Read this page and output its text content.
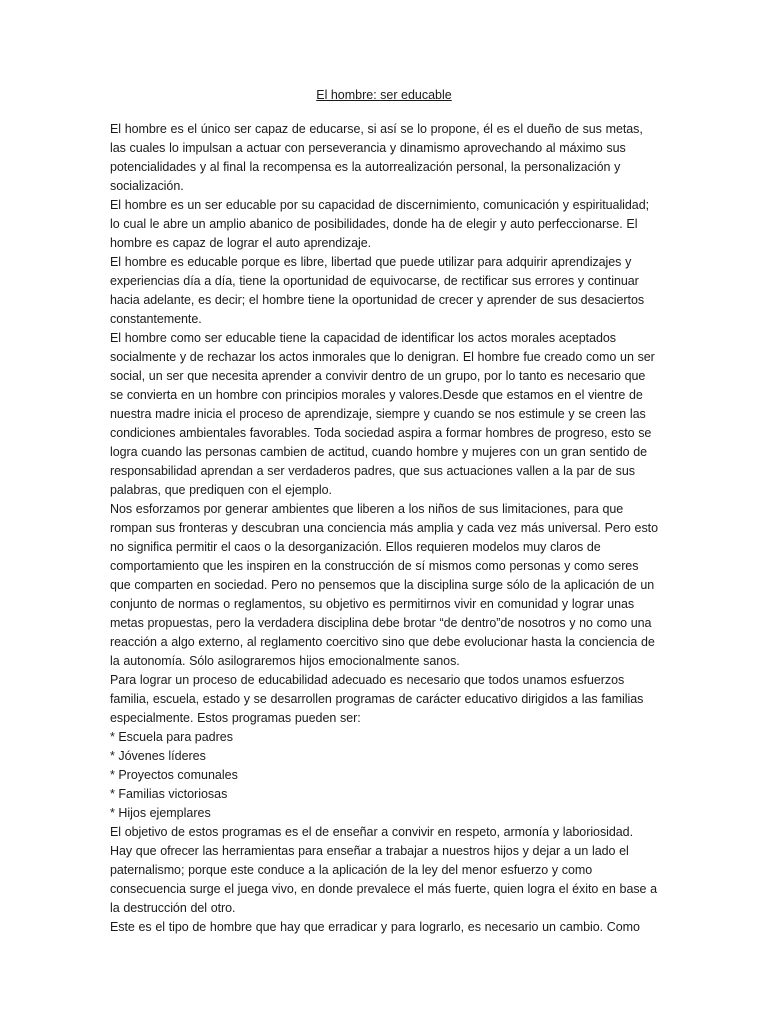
El hombre: ser educable

El hombre es el único ser capaz de educarse, si así se lo propone, él es el dueño de sus metas, las cuales lo impulsan a actuar con perseverancia y dinamismo aprovechando al máximo sus potencialidades y al final la recompensa es la autorrealización personal, la personalización y socialización.

El hombre es un ser educable por su capacidad de discernimiento, comunicación y espiritualidad; lo cual le abre un amplio abanico de posibilidades, donde ha de elegir y auto perfeccionarse. El hombre es capaz de lograr el auto aprendizaje.

El hombre es educable porque es libre, libertad que puede utilizar para adquirir aprendizajes y experiencias día a día, tiene la oportunidad de equivocarse, de rectificar sus errores y continuar hacia adelante, es decir; el hombre tiene la oportunidad de crecer y aprender de sus desaciertos constantemente.

El hombre como ser educable tiene la capacidad de identificar los actos morales aceptados socialmente y de rechazar los actos inmorales que lo denigran. El hombre fue creado como un ser social, un ser que necesita aprender a convivir dentro de un grupo, por lo tanto es necesario que se convierta en un hombre con principios morales y valores.Desde que estamos en el vientre de nuestra madre inicia el proceso de aprendizaje, siempre y cuando se nos estimule y se creen las condiciones ambientales favorables. Toda sociedad aspira a formar hombres de progreso, esto se logra cuando las personas cambien de actitud, cuando hombre y mujeres con un gran sentido de responsabilidad aprendan a ser verdaderos padres, que sus actuaciones vallen a la par de sus palabras, que prediquen con el ejemplo.

Nos esforzamos por generar ambientes que liberen a los niños de sus limitaciones, para que rompan sus fronteras y descubran una conciencia más amplia y cada vez más universal. Pero esto no significa permitir el caos o la desorganización. Ellos requieren modelos muy claros de comportamiento que les inspiren en la construcción de sí mismos como personas y como seres que comparten en sociedad. Pero no pensemos que la disciplina surge sólo de la aplicación de un conjunto de normas o reglamentos, su objetivo es permitirnos vivir en comunidad y lograr unas metas propuestas, pero la verdadera disciplina debe brotar “de dentro”de nosotros y no como una reacción a algo externo, al reglamento coercitivo sino que debe evolucionar hasta la conciencia de la autonomía. Sólo asilograremos hijos emocionalmente sanos.

Para lograr un proceso de educabilidad adecuado es necesario que todos unamos esfuerzos familia, escuela, estado y se desarrollen programas de carácter educativo dirigidos a las familias especialmente. Estos programas pueden ser:

* Escuela para padres
* Jóvenes líderes
* Proyectos comunales
* Familias victoriosas
* Hijos ejemplares

El objetivo de estos programas es el de enseñar a convivir en respeto, armonía y laboriosidad. Hay que ofrecer las herramientas para enseñar a trabajar a nuestros hijos y dejar a un lado el paternalismo; porque este conduce a la aplicación de la ley del menor esfuerzo y como consecuencia surge el juega vivo, en donde prevalece el más fuerte, quien logra el éxito en base a la destrucción del otro.

Este es el tipo de hombre que hay que erradicar y para lograrlo, es necesario un cambio. Como
